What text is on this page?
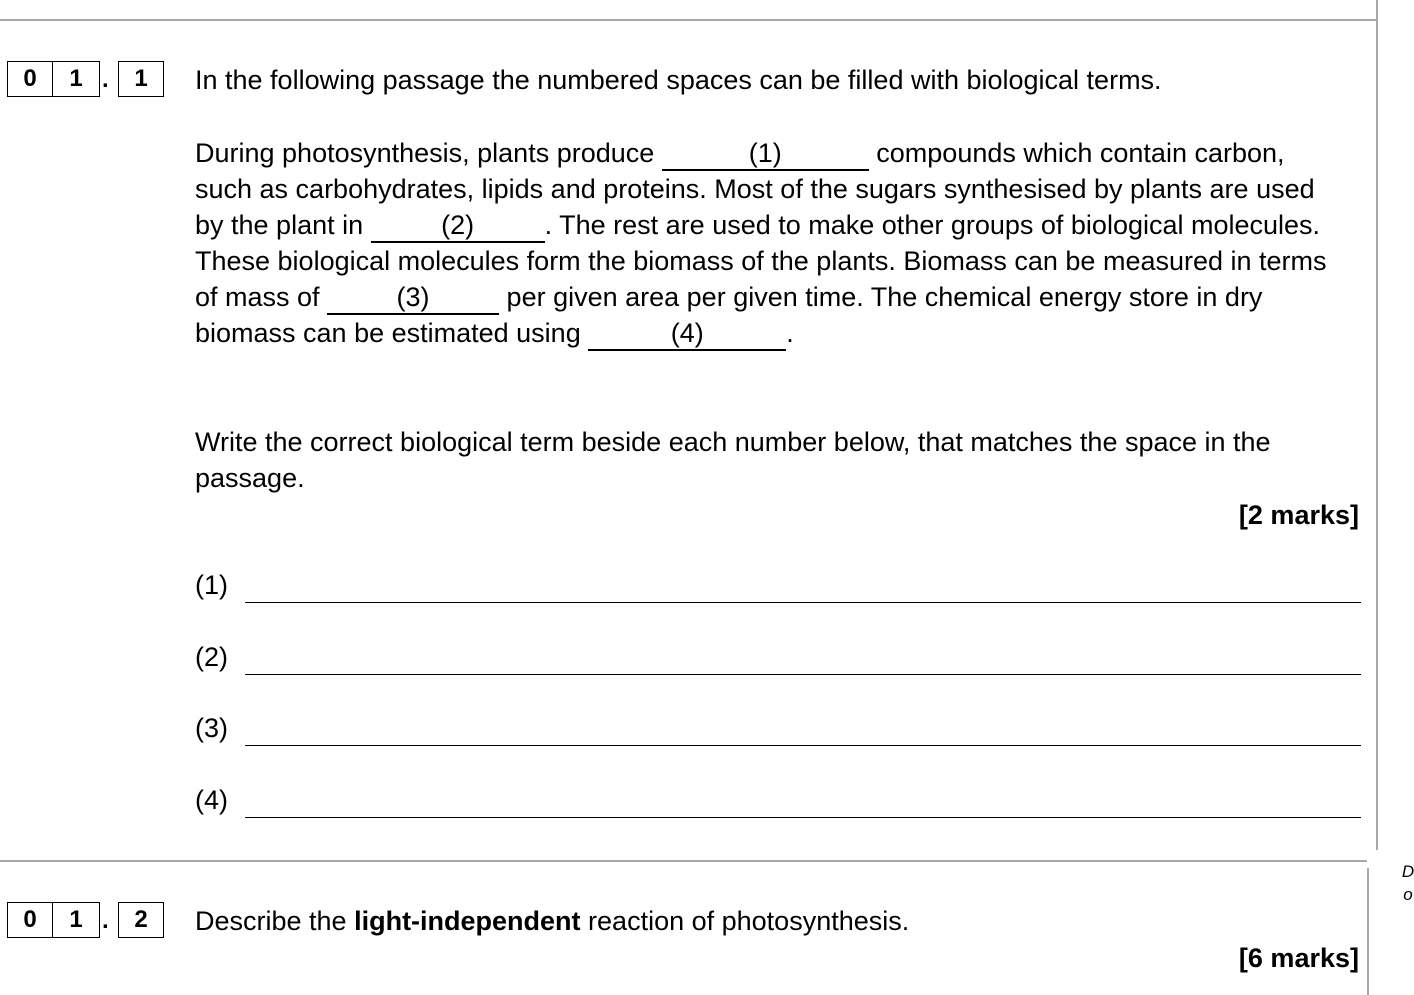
D
o
0	1 .	1	In the following passage the numbered spaces can be filled with biological terms.
During photosynthesis, plants produce	(1)	compounds which contain carbon, such as carbohydrates, lipids and proteins. Most of the sugars synthesised by plants are used by the plant in	(2)	. The rest are used to make other groups of biological molecules. These biological molecules form the biomass of the plants. Biomass can be measured in terms of mass of	(3)	per given area per given time. The chemical energy store in dry biomass can be estimated using	(4)	.
Write the correct biological term beside each number below, that matches the space in the passage.
[2 marks]
(1)
(2)
(3)
(4)
0	1 .	2	Describe the light-independent reaction of photosynthesis.
[6 marks]
